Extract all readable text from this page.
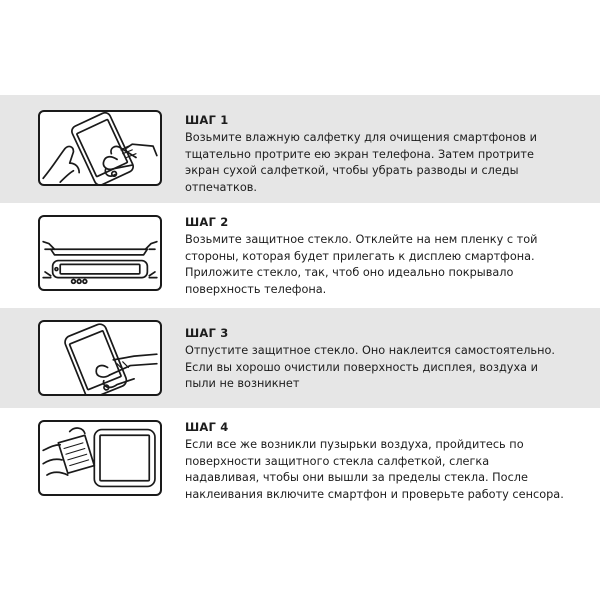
ШАГ 1

Возьмите влажную салфетку для очищения смартфонов и
тщательно протрите ею экран телефона. Затем протрите
экран сухой салфеткой, чтобы убрать разводы и следы
отпечатков.

ШАГ 2

Возьмите защитное стекло. Отклейте на нем пленку с той
стороны, которая будет прилегать к дисплею смартфона.
Приложите стекло, так, чтоб оно идеально покрывало
поверхность телефона.

ШАГ 3

Отпустите защитное стекло. Оно наклеится самостоятельно.
Если вы хорошо очистили поверхность дисплея, воздуха и
пыли не возникнет

ШАГ 4

Если все же возникли пузырьки воздуха, пройдитесь по
поверхности защитного стекла салфеткой, слегка
надавливая, чтобы они вышли за пределы стекла. После
наклеивания включите смартфон и проверьте работу сенсора.
